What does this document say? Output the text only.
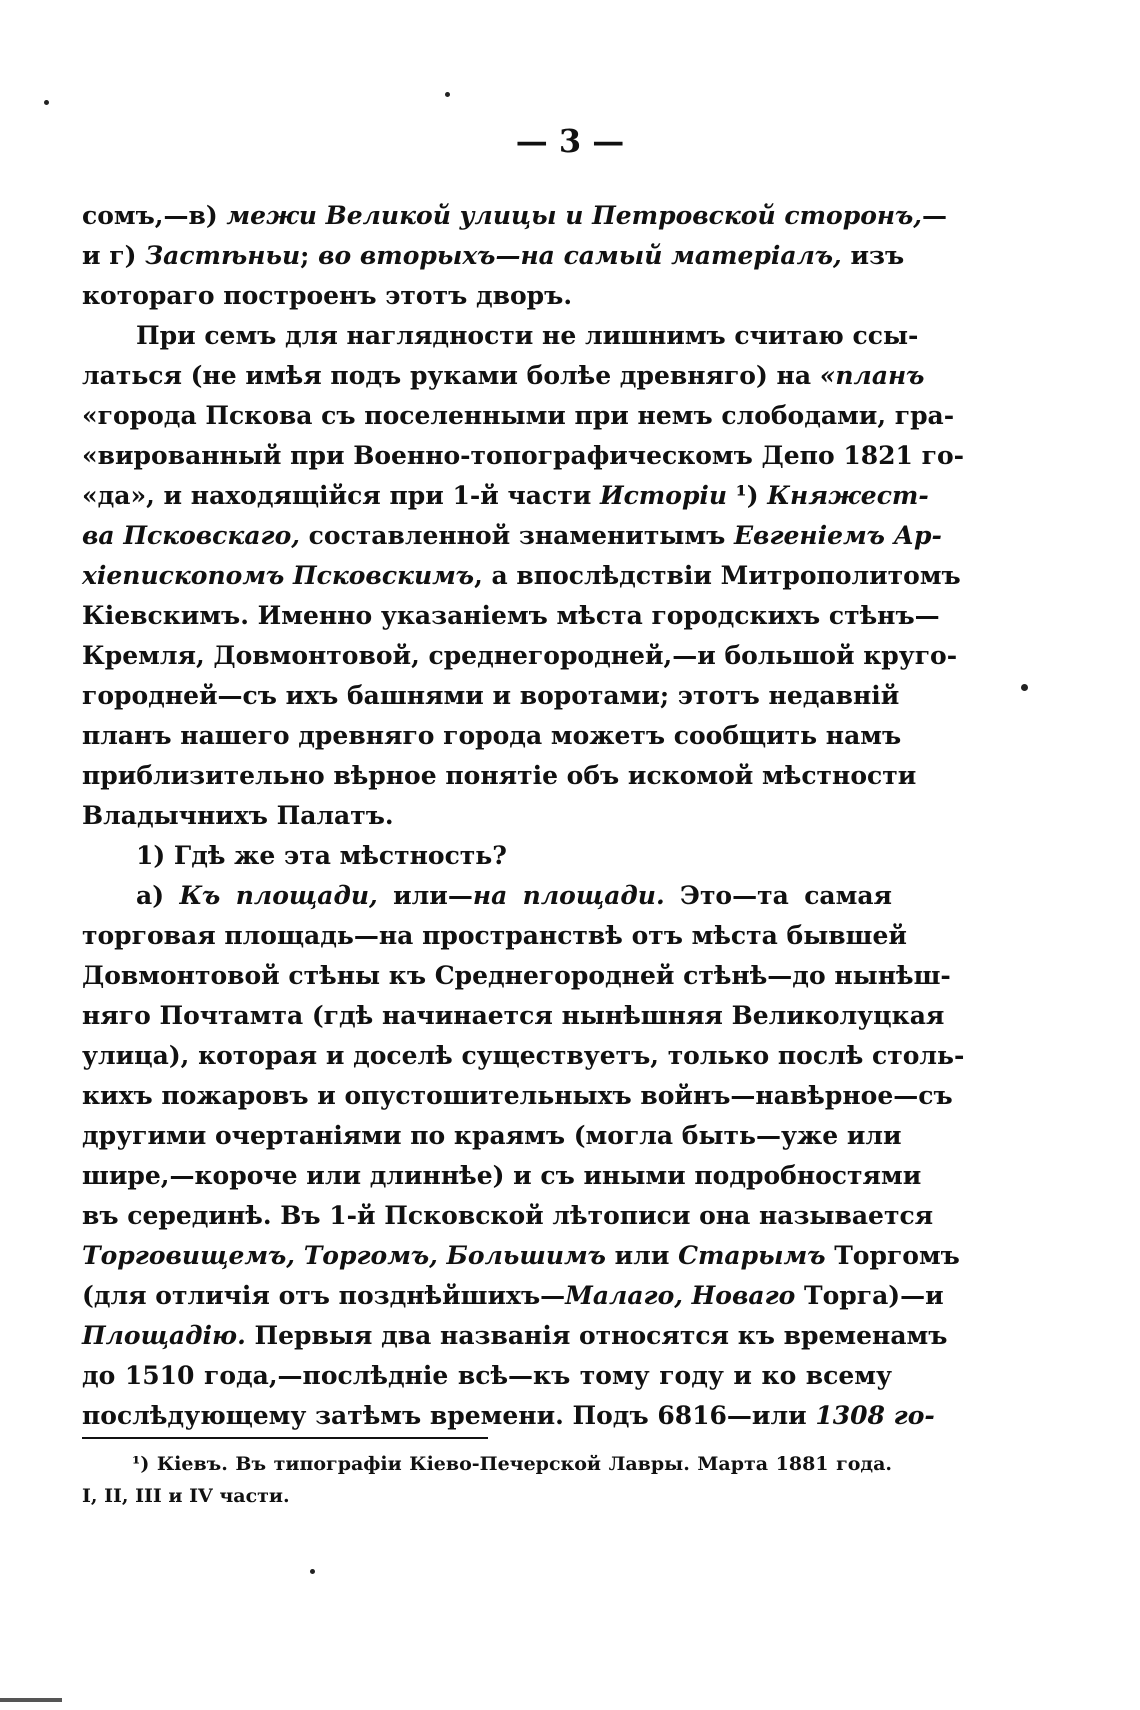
— 3 —
сомъ,—в) межи Великой улицы и Петровской сторонъ,—
и г) Застѣньи; во вторыхъ—на самый матеріалъ, изъ
котораго построенъ этотъ дворъ.
При семъ для наглядности не лишнимъ считаю ссы-
латься (не имѣя подъ руками болѣе древняго) на «планъ
«города Пскова съ поселенными при немъ слободами, гра-
«вированный при Военно-топографическомъ Депо 1821 го-
«да», и находящійся при 1-й части Исторіи ¹) Княжест-
ва Псковскаго, составленной знаменитымъ Евгеніемъ Ар-
хіепископомъ Псковскимъ, а впослѣдствіи Митрополитомъ
Кіевскимъ. Именно указаніемъ мѣста городскихъ стѣнъ—
Кремля, Довмонтовой, среднегородней,—и большой круго-
городней—съ ихъ башнями и воротами; этотъ недавній
планъ нашего древняго города можетъ сообщить намъ
приблизительно вѣрное понятіе объ искомой мѣстности
Владычнихъ Палатъ.
1) Гдѣ же эта мѣстность?
а) Къ площади, или—на площади. Это—та самая
торговая площадь—на пространствѣ отъ мѣста бывшей
Довмонтовой стѣны къ Среднегородней стѣнѣ—до нынѣш-
няго Почтамта (гдѣ начинается нынѣшняя Великолуцкая
улица), которая и доселѣ существуетъ, только послѣ столь-
кихъ пожаровъ и опустошительныхъ войнъ—навѣрное—съ
другими очертаніями по краямъ (могла быть—уже или
шире,—короче или длиннѣе) и съ иными подробностями
въ серединѣ. Въ 1-й Псковской лѣтописи она называется
Торговищемъ, Торгомъ, Большимъ или Старымъ Торгомъ
(для отличія отъ позднѣйшихъ—Малаго, Новаго Торга)—и
Площадію. Первыя два названія относятся къ временамъ
до 1510 года,—послѣдніе всѣ—къ тому году и ко всему
послѣдующему затѣмъ времени. Подъ 6816—или 1308 го-
¹) Кіевъ. Въ типографіи Кіево-Печерской Лавры. Марта 1881 года.
I, II, III и IV части.
